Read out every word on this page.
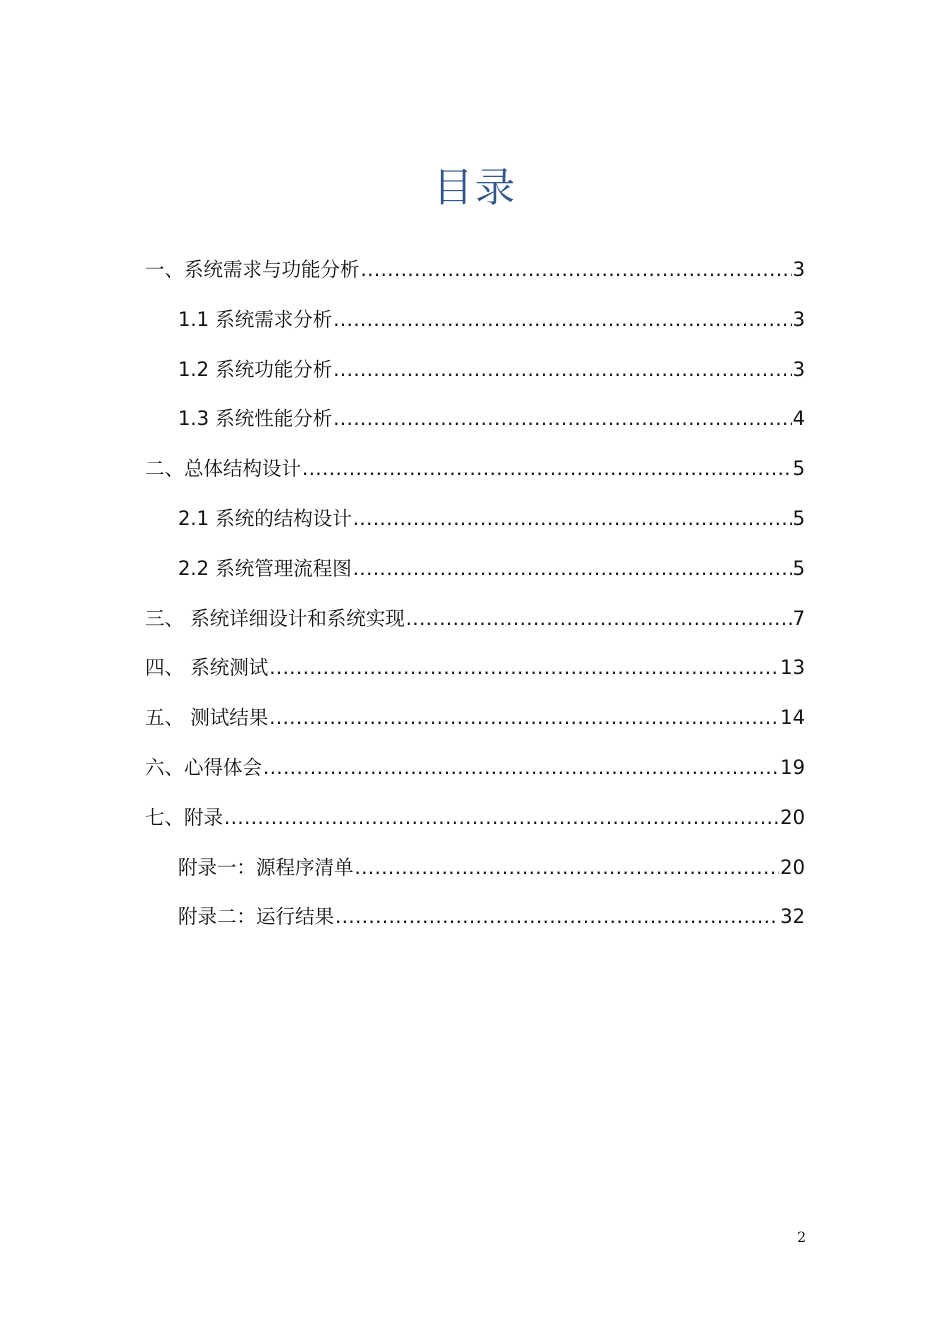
目录
一、系统需求与功能分析 .....	3
1.1 系统需求分析 .....	3
1.2 系统功能分析 .....	3
1.3 系统性能分析 .....	4
二、总体结构设计 .....	5
2.1 系统的结构设计 .....	5
2.2 系统管理流程图 .....	5
三、 系统详细设计和系统实现 .....	7
四、 系统测试 .....	13
五、 测试结果 .....	14
六、心得体会 .....	19
七、附录 .....	20
附录一：源程序清单 .....	20
附录二：运行结果 .....	32
2
